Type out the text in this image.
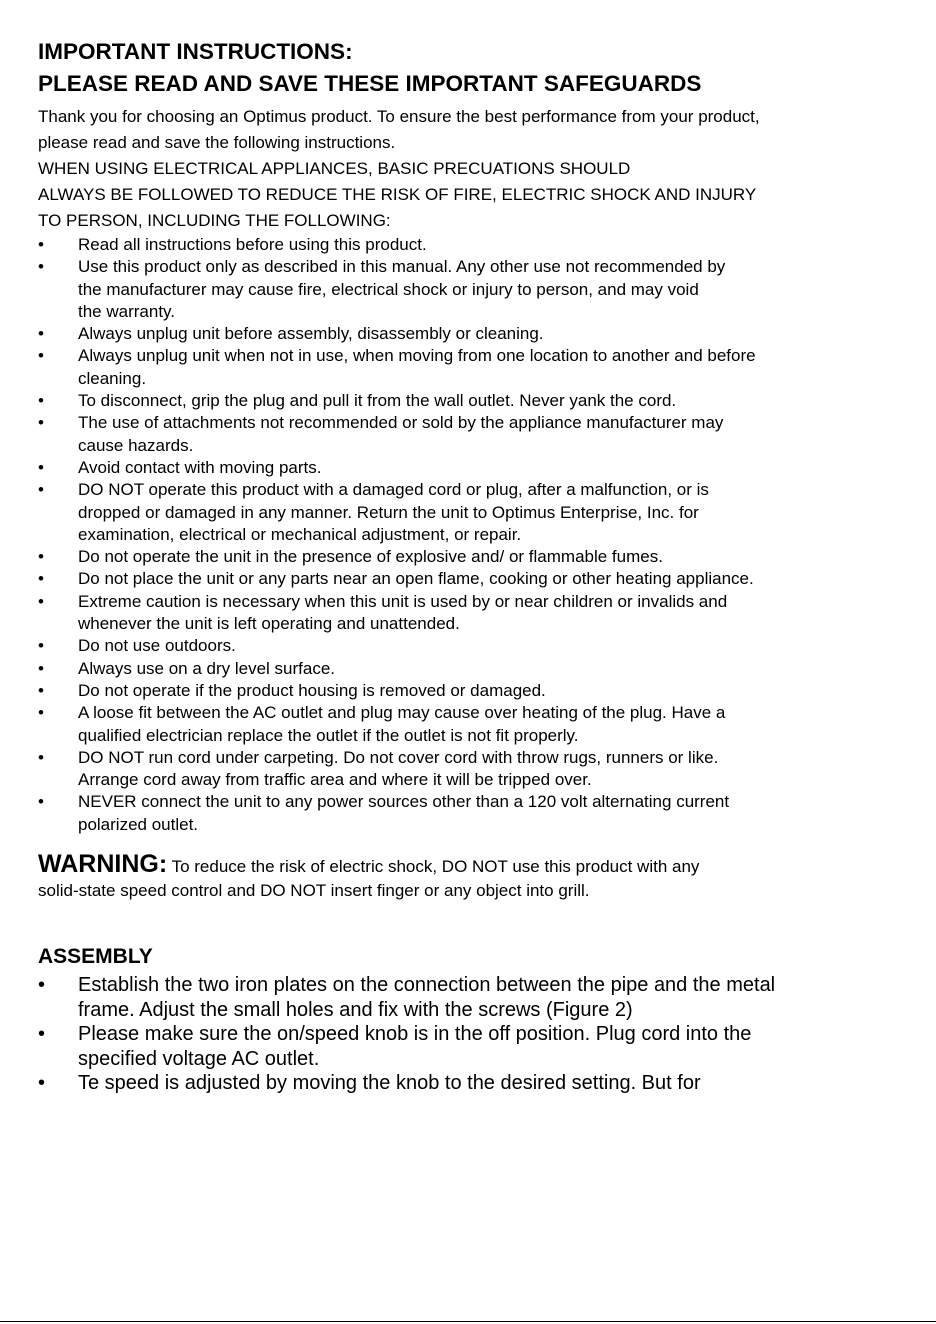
IMPORTANT INSTRUCTIONS:
PLEASE READ AND SAVE THESE IMPORTANT SAFEGUARDS
Thank you for choosing an Optimus product. To ensure the best performance from your product,
please read and save the following instructions.
WHEN USING ELECTRICAL APPLIANCES, BASIC PRECUATIONS SHOULD
ALWAYS BE FOLLOWED TO REDUCE THE RISK OF FIRE, ELECTRIC SHOCK AND INJURY
TO PERSON, INCLUDING THE FOLLOWING:
• Read all instructions before using this product.
• Use this product only as described in this manual. Any other use not recommended by
the manufacturer may cause fire, electrical shock or injury to person, and may void
the warranty.
• Always unplug unit before assembly, disassembly or cleaning.
• Always unplug unit when not in use, when moving from one location to another and before
cleaning.
• To disconnect, grip the plug and pull it from the wall outlet. Never yank the cord.
• The use of attachments not recommended or sold by the appliance manufacturer may
cause hazards.
• Avoid contact with moving parts.
• DO NOT operate this product with a damaged cord or plug, after a malfunction, or is
dropped or damaged in any manner. Return the unit to Optimus Enterprise, Inc. for
examination, electrical or mechanical adjustment, or repair.
• Do not operate the unit in the presence of explosive and/ or flammable fumes.
• Do not place the unit or any parts near an open flame, cooking or other heating appliance.
• Extreme caution is necessary when this unit is used by or near children or invalids and
whenever the unit is left operating and unattended.
• Do not use outdoors.
• Always use on a dry level surface.
• Do not operate if the product housing is removed or damaged.
• A loose fit between the AC outlet and plug may cause over heating of the plug. Have a
qualified electrician replace the outlet if the outlet is not fit properly.
• DO NOT run cord under carpeting. Do not cover cord with throw rugs, runners or like.
Arrange cord away from traffic area and where it will be tripped over.
• NEVER connect the unit to any power sources other than a 120 volt alternating current
polarized outlet.
WARNING: To reduce the risk of electric shock, DO NOT use this product with any
solid-state speed control and DO NOT insert finger or any object into grill.
ASSEMBLY
• Establish the two iron plates on the connection between the pipe and the metal
frame. Adjust the small holes and fix with the screws (Figure 2)
• Please make sure the on/speed knob is in the off position. Plug cord into the
specified voltage AC outlet.
• Te speed is adjusted by moving the knob to the desired setting. But for
